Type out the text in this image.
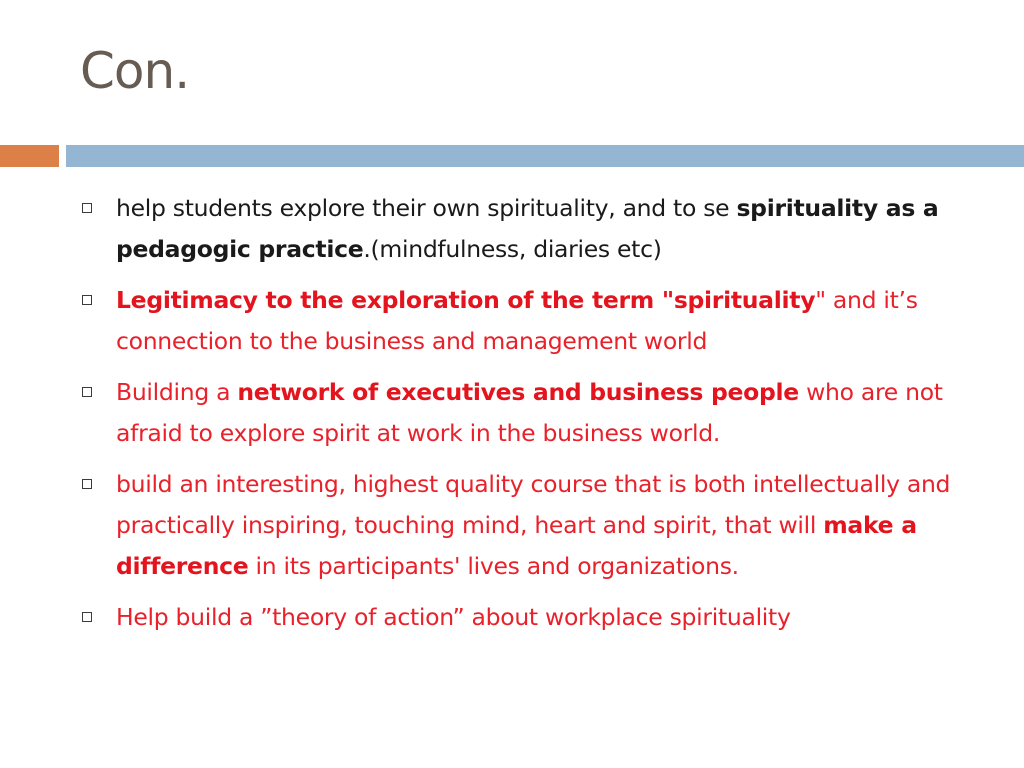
Con.
help students explore their own spirituality, and to se spirituality as a pedagogic practice.(mindfulness, diaries etc)
Legitimacy to the exploration of the term "spirituality" and it’s connection to the business and management world
Building a network of executives and business people who are not afraid to explore spirit at work in the business world.
build an interesting, highest quality course that is both intellectually and practically inspiring, touching mind, heart and spirit, that will make a difference in its participants' lives and organizations.
Help build a ”theory of action” about workplace spirituality
